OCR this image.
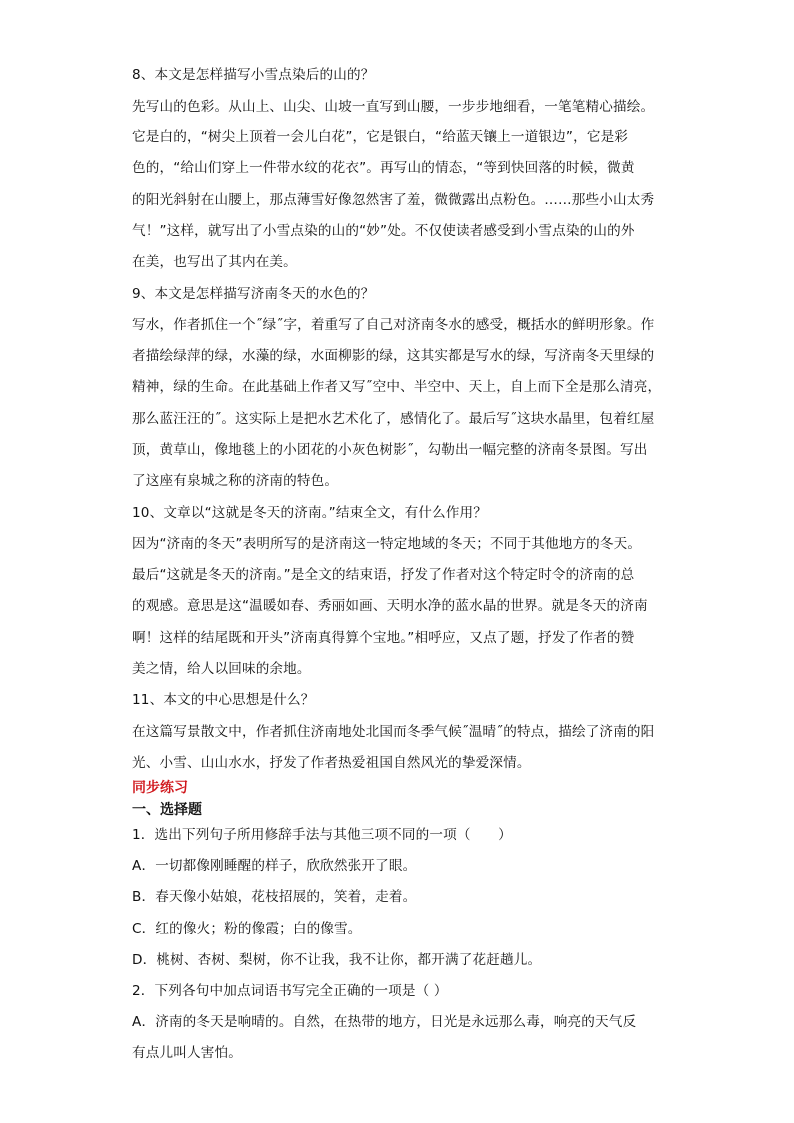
8、本文是怎样描写小雪点染后的山的？
先写山的色彩。从山上、山尖、山坡一直写到山腰，一步步地细看，一笔笔精心描绘。
它是白的，“树尖上顶着一会儿白花”，它是银白，“给蓝天镶上一道银边”，它是彩
色的，“给山们穿上一件带水纹的花衣”。再写山的情态，“等到快回落的时候，微黄
的阳光斜射在山腰上，那点薄雪好像忽然害了羞，微微露出点粉色。……那些小山太秀
气！”这样，就写出了小雪点染的山的“妙”处。不仅使读者感受到小雪点染的山的外
在美，也写出了其内在美。
9、本文是怎样描写济南冬天的水色的？
写水，作者抓住一个˝绿˝字，着重写了自己对济南冬水的感受，概括水的鲜明形象。作
者描绘绿萍的绿，水藻的绿，水面柳影的绿，这其实都是写水的绿，写济南冬天里绿的
精神，绿的生命。在此基础上作者又写˝空中、半空中、天上，自上而下全是那么清亮，
那么蓝汪汪的˝。这实际上是把水艺术化了，感情化了。最后写˝这块水晶里，包着红屋
顶，黄草山，像地毯上的小团花的小灰色树影˝，勾勒出一幅完整的济南冬景图。写出
了这座有泉城之称的济南的特色。
10、文章以“这就是冬天的济南。”结束全文，有什么作用？
因为“济南的冬天”表明所写的是济南这一特定地域的冬天；不同于其他地方的冬天。
最后“这就是冬天的济南。”是全文的结束语，抒发了作者对这个特定时令的济南的总
的观感。意思是这“温暖如春、秀丽如画、天明水净的蓝水晶的世界。就是冬天的济南
啊！这样的结尾既和开头”济南真得算个宝地。”相呼应，又点了题，抒发了作者的赞
美之情，给人以回味的余地。
11、本文的中心思想是什么？
在这篇写景散文中，作者抓住济南地处北国而冬季气候˝温晴˝的特点，描绘了济南的阳
光、小雪、山山水水，抒发了作者热爱祖国自然风光的挚爱深情。
同步练习
一、选择题
1．选出下列句子所用修辞手法与其他三项不同的一项（　　）
A．一切都像刚睡醒的样子，欣欣然张开了眼。
B．春天像小姑娘，花枝招展的，笑着，走着。
C．红的像火；粉的像霞；白的像雪。
D．桃树、杏树、梨树，你不让我，我不让你，都开满了花赶趟儿。
2．下列各句中加点词语书写完全正确的一项是（ ）
A．济南的冬天是响晴的。自然，在热带的地方，日光是永远那么毒，响亮的天气反
有点儿叫人害怕。
